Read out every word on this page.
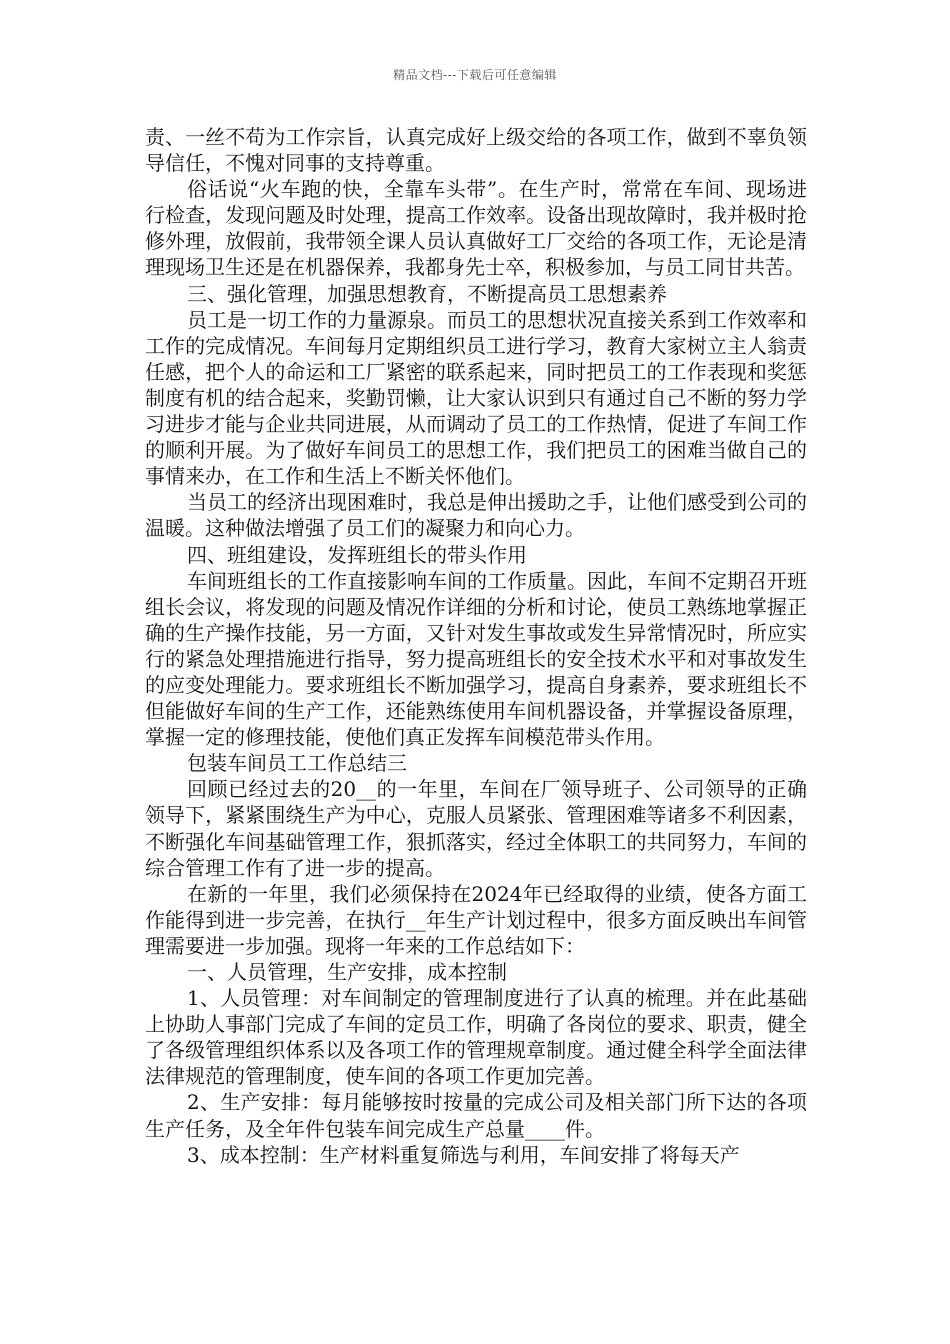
精品文档---下载后可任意编辑

责、一丝不苟为工作宗旨，认真完成好上级交给的各项工作，做到不辜负领导信任，不愧对同事的支持尊重。

俗话说“火车跑的快，全靠车头带”。在生产时，常常在车间、现场进行检查，发现问题及时处理，提高工作效率。设备出现故障时，我并极时抢修外理，放假前，我带领全课人员认真做好工厂交给的各项工作，无论是清理现场卫生还是在机器保养，我都身先士卒，积极参加，与员工同甘共苦。

三、强化管理，加强思想教育，不断提高员工思想素养

员工是一切工作的力量源泉。而员工的思想状况直接关系到工作效率和工作的完成情况。车间每月定期组织员工进行学习，教育大家树立主人翁责任感，把个人的命运和工厂紧密的联系起来，同时把员工的工作表现和奖惩制度有机的结合起来，奖勤罚懒，让大家认识到只有通过自己不断的努力学习进步才能与企业共同进展，从而调动了员工的工作热情，促进了车间工作的顺利开展。为了做好车间员工的思想工作，我们把员工的困难当做自己的事情来办，在工作和生活上不断关怀他们。

当员工的经济出现困难时，我总是伸出援助之手，让他们感受到公司的温暖。这种做法增强了员工们的凝聚力和向心力。

四、班组建设，发挥班组长的带头作用

车间班组长的工作直接影响车间的工作质量。因此，车间不定期召开班组长会议，将发现的问题及情况作详细的分析和讨论，使员工熟练地掌握正确的生产操作技能，另一方面，又针对发生事故或发生异常情况时，所应实行的紧急处理措施进行指导，努力提高班组长的安全技术水平和对事故发生的应变处理能力。要求班组长不断加强学习，提高自身素养，要求班组长不但能做好车间的生产工作，还能熟练使用车间机器设备，并掌握设备原理，掌握一定的修理技能，使他们真正发挥车间模范带头作用。

包装车间员工工作总结三

回顾已经过去的20__的一年里，车间在厂领导班子、公司领导的正确领导下，紧紧围绕生产为中心，克服人员紧张、管理困难等诸多不利因素，不断强化车间基础管理工作，狠抓落实，经过全体职工的共同努力，车间的综合管理工作有了进一步的提高。

在新的一年里，我们必须保持在2024年已经取得的业绩，使各方面工作能得到进一步完善，在执行__年生产计划过程中，很多方面反映出车间管理需要进一步加强。现将一年来的工作总结如下：

一、人员管理，生产安排，成本控制

1、人员管理：对车间制定的管理制度进行了认真的梳理。并在此基础上协助人事部门完成了车间的定员工作，明确了各岗位的要求、职责，健全了各级管理组织体系以及各项工作的管理规章制度。通过健全科学全面法律法律规范的管理制度，使车间的各项工作更加完善。

2、生产安排：每月能够按时按量的完成公司及相关部门所下达的各项生产任务，及全年件包装车间完成生产总量____件。

3、成本控制：生产材料重复筛选与利用，车间安排了将每天产
